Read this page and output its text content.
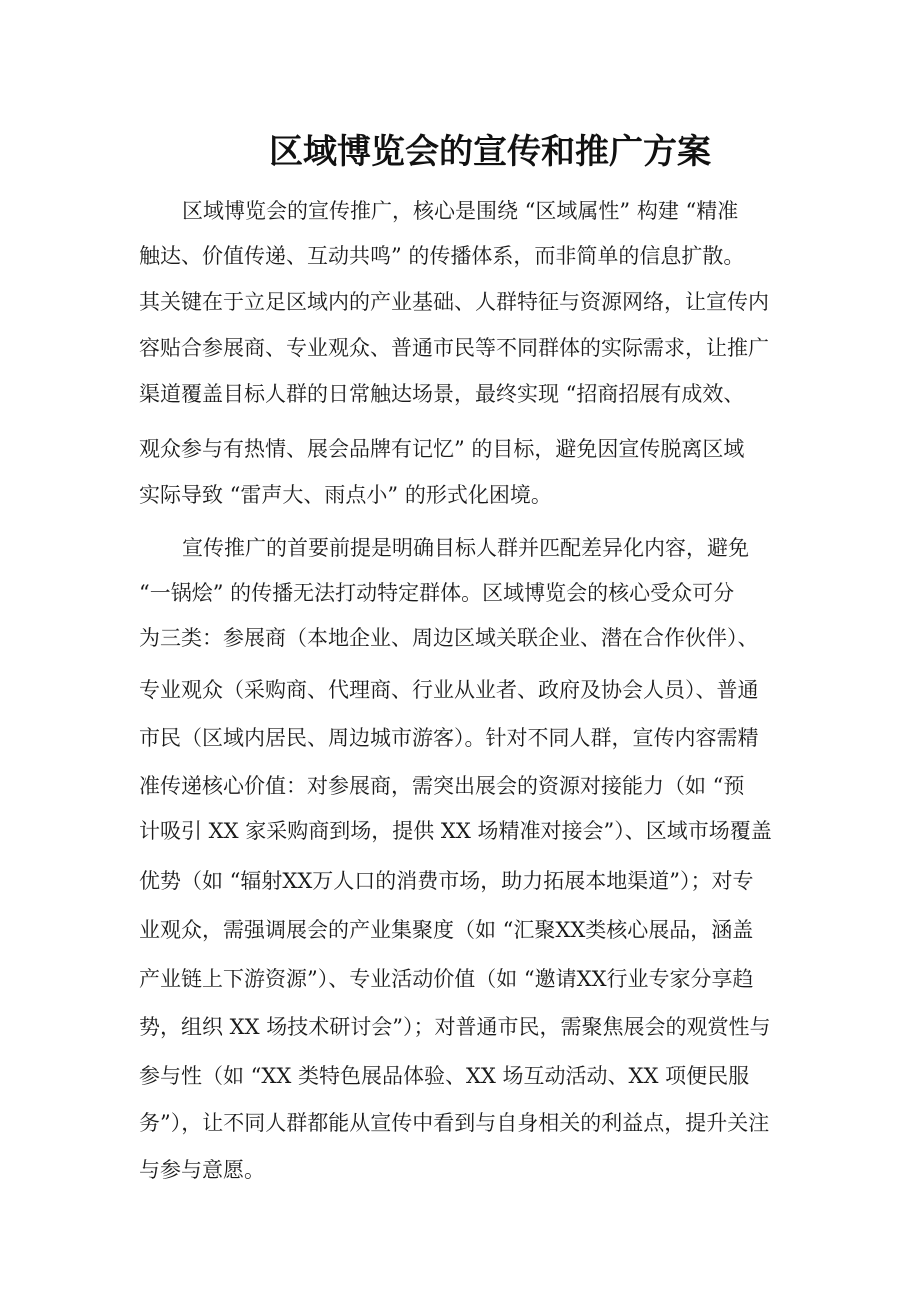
区域博览会的宣传和推广方案

区域博览会的宣传推广，核心是围绕 “区域属性” 构建 “精准

触达、价值传递、互动共鸣” 的传播体系，而非简单的信息扩散。

其关键在于立足区域内的产业基础、人群特征与资源网络，让宣传内

容贴合参展商、专业观众、普通市民等不同群体的实际需求，让推广

渠道覆盖目标人群的日常触达场景，最终实现 “招商招展有成效、

观众参与有热情、展会品牌有记忆” 的目标，避免因宣传脱离区域

实际导致 “雷声大、雨点小” 的形式化困境。

宣传推广的首要前提是明确目标人群并匹配差异化内容，避免

“一锅烩” 的传播无法打动特定群体。区域博览会的核心受众可分

为三类：参展商（本地企业、周边区域关联企业、潜在合作伙伴）、

专业观众（采购商、代理商、行业从业者、政府及协会人员）、普通

市民（区域内居民、周边城市游客）。针对不同人群，宣传内容需精

准传递核心价值：对参展商，需突出展会的资源对接能力（如 “预

计吸引 XX 家采购商到场，提供 XX 场精准对接会”）、区域市场覆盖

优势（如 “辐射XX万人口的消费市场，助力拓展本地渠道”）；对专

业观众，需强调展会的产业集聚度（如 “汇聚XX类核心展品，涵盖

产业链上下游资源”）、专业活动价值（如 “邀请XX行业专家分享趋

势，组织 XX 场技术研讨会”）；对普通市民，需聚焦展会的观赏性与

参与性（如 “XX 类特色展品体验、XX 场互动活动、XX 项便民服

务”），让不同人群都能从宣传中看到与自身相关的利益点，提升关注

与参与意愿。
